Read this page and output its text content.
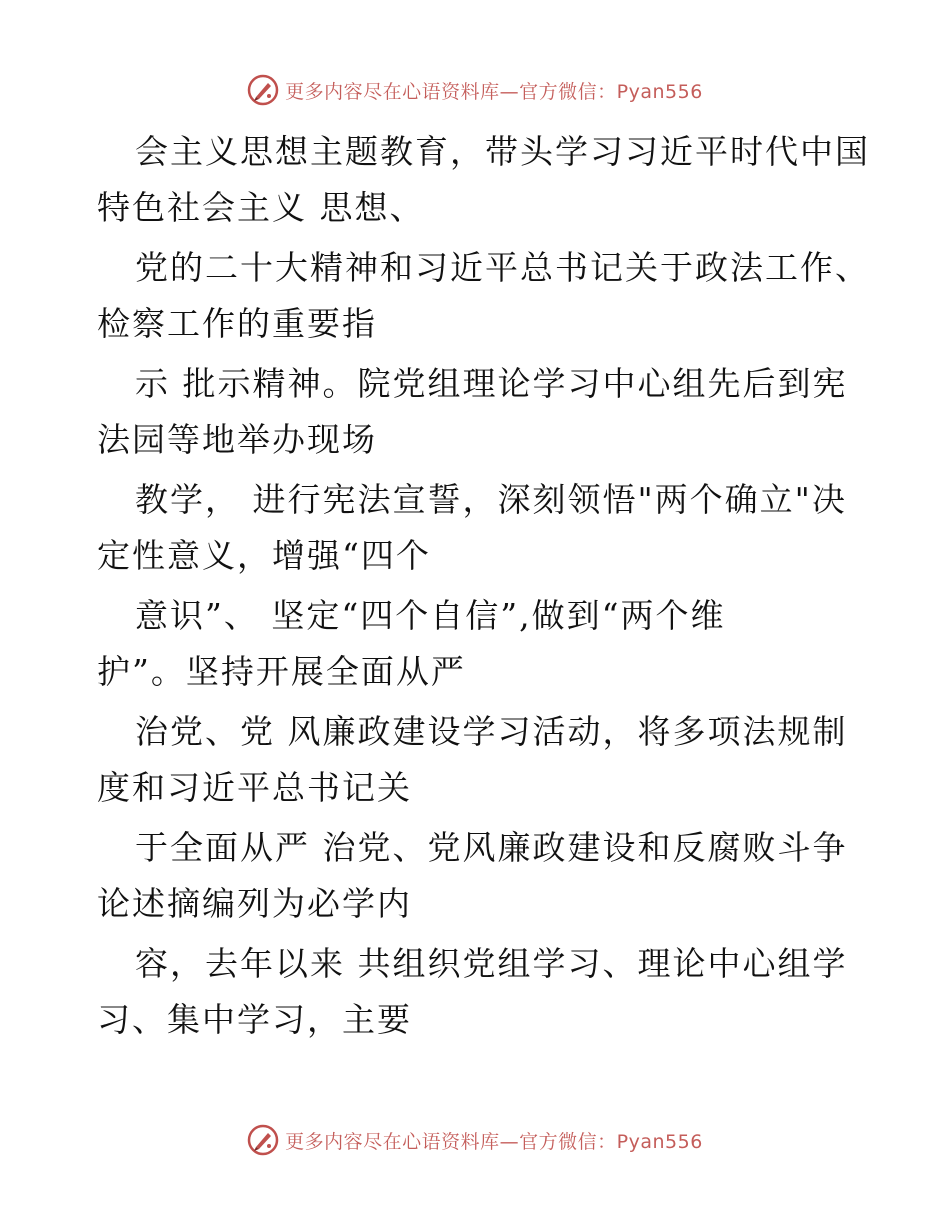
更多内容尽在心语资料库—官方微信：Pyan556
会主义思想主题教育，带头学习习近平时代中国
特色社会主义 思想、
党的二十大精神和习近平总书记关于政法工作、
检察工作的重要指
示 批示精神。院党组理论学习中心组先后到宪
法园等地举办现场
教学， 进行宪法宣誓，深刻领悟"两个确立"决
定性意义，增强“四个
意识”、 坚定“四个自信”,做到“两个维
护”。坚持开展全面从严
治党、党 风廉政建设学习活动，将多项法规制
度和习近平总书记关
于全面从严 治党、党风廉政建设和反腐败斗争
论述摘编列为必学内
容，去年以来 共组织党组学习、理论中心组学
习、集中学习，主要
更多内容尽在心语资料库—官方微信：Pyan556
